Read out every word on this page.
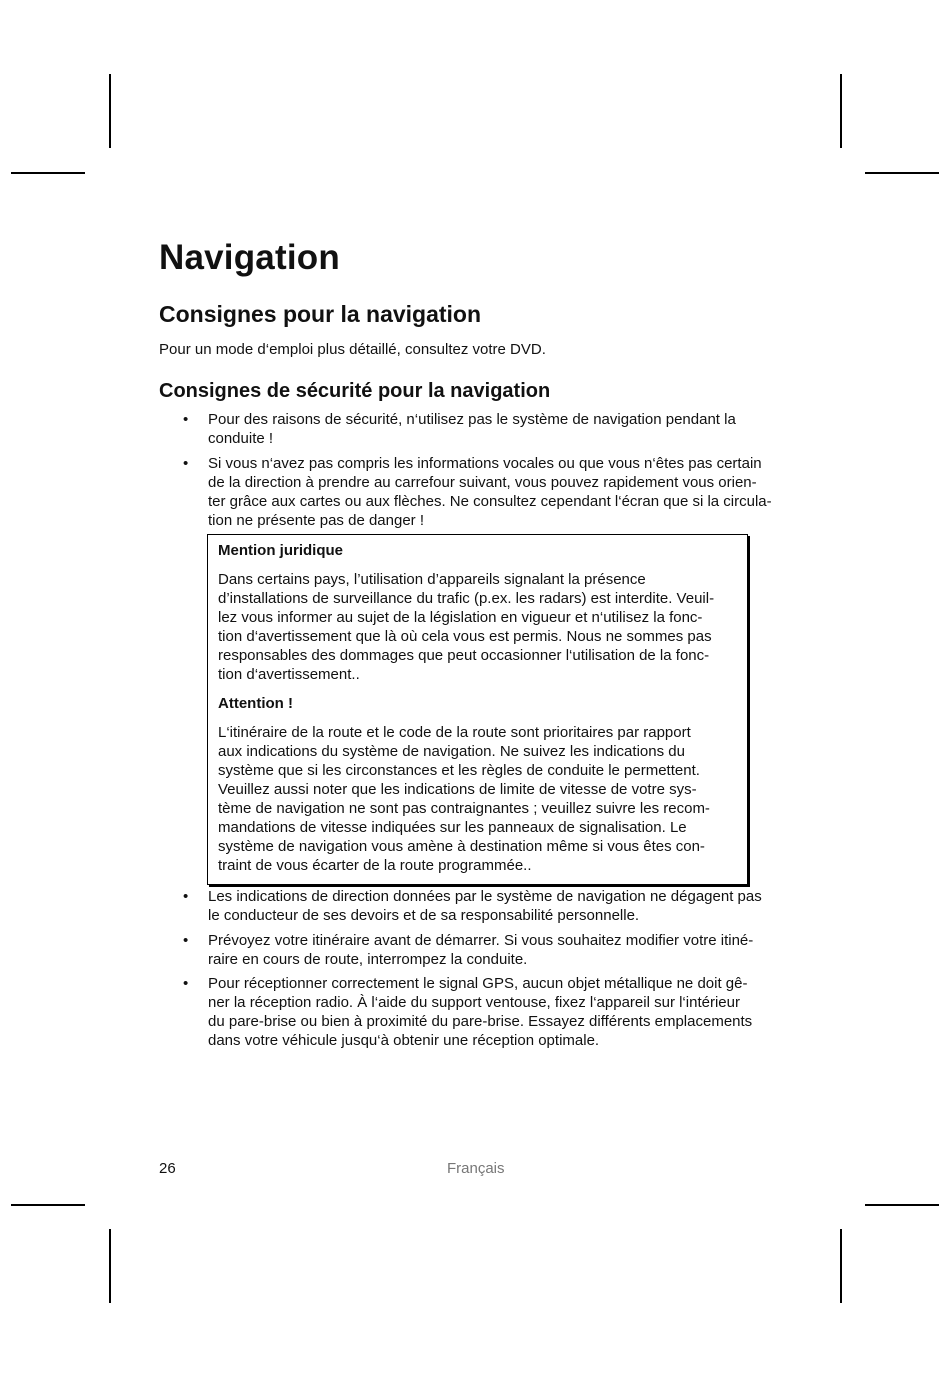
Navigation
Consignes pour la navigation

Pour un mode d‘emploi plus détaillé, consultez votre DVD.

Consignes de sécurité pour la navigation
• Pour des raisons de sécurité, n‘utilisez pas le système de navigation pendant la
conduite !
• Si vous n‘avez pas compris les informations vocales ou que vous n‘êtes pas certain
de la direction à prendre au carrefour suivant, vous pouvez rapidement vous orien-
ter grâce aux cartes ou aux flèches. Ne consultez cependant l‘écran que si la circula-
tion ne présente pas de danger !

Mention juridique

Dans certains pays, l’utilisation d’appareils signalant la présence
d’installations de surveillance du trafic (p.ex. les radars) est interdite. Veuil-
lez vous informer au sujet de la législation en vigueur et n‘utilisez la fonc-
tion d‘avertissement que là où cela vous est permis. Nous ne sommes pas
responsables des dommages que peut occasionner l‘utilisation de la fonc-
tion d‘avertissement..

Attention !

L‘itinéraire de la route et le code de la route sont prioritaires par rapport
aux indications du système de navigation. Ne suivez les indications du
système que si les circonstances et les règles de conduite le permettent.
Veuillez aussi noter que les indications de limite de vitesse de votre sys-
tème de navigation ne sont pas contraignantes ; veuillez suivre les recom-
mandations de vitesse indiquées sur les panneaux de signalisation. Le
système de navigation vous amène à destination même si vous êtes con-
traint de vous écarter de la route programmée..
• Les indications de direction données par le système de navigation ne dégagent pas
le conducteur de ses devoirs et de sa responsabilité personnelle.
• Prévoyez votre itinéraire avant de démarrer. Si vous souhaitez modifier votre itiné-
raire en cours de route, interrompez la conduite.
• Pour réceptionner correctement le signal GPS, aucun objet métallique ne doit gê-
ner la réception radio. À l‘aide du support ventouse, fixez l‘appareil sur l‘intérieur
du pare-brise ou bien à proximité du pare-brise. Essayez différents emplacements
dans votre véhicule jusqu‘à obtenir une réception optimale.
26	Français
